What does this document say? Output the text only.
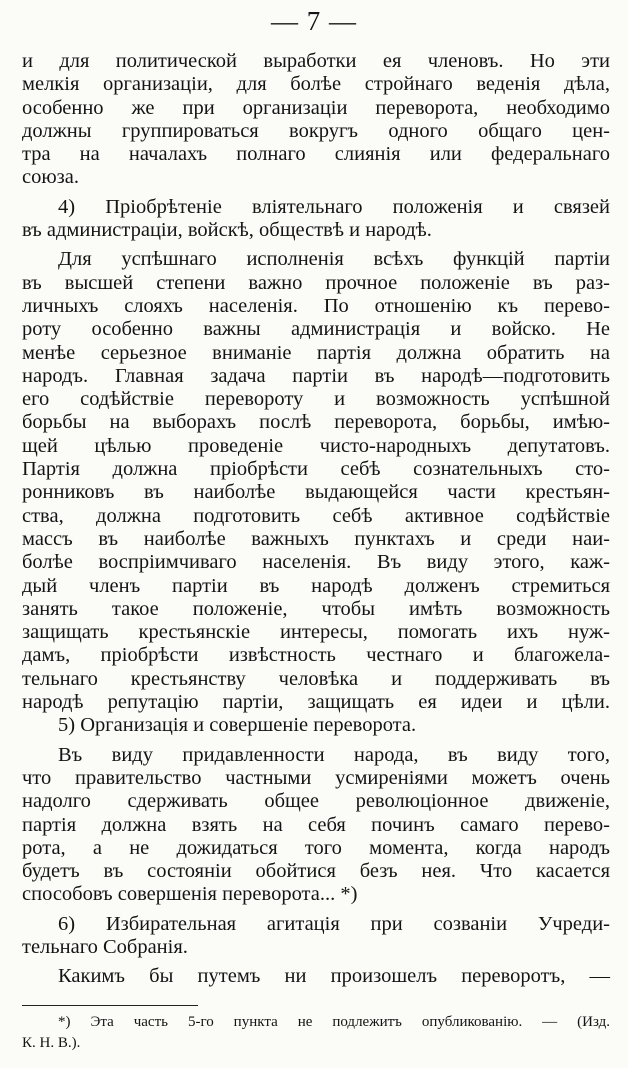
— 7 —

и для политической выработки ея членовъ. Но эти

мелкія организаціи, для болѣе стройнаго веденія дѣла,

особенно же при организаціи переворота, необходимо

должны группироваться вокругъ одного общаго цен-

тра на началахъ полнаго слиянія или федеральнаго

союза.

4) Пріобрѣтеніе вліятельнаго положенія и связей

въ администраціи, войскѣ, обществѣ и народѣ.

Для успѣшнаго исполненія всѣхъ функцій партіи

въ высшей степени важно прочное положеніе въ раз-

личныхъ слояхъ населенія. По отношенію къ перево-

роту особенно важны администрація и войско. Не

менѣе серьезное вниманіе партія должна обратить на

народъ. Главная задача партіи въ народѣ—подготовить

его содѣйствіе перевороту и возможность успѣшной

борьбы на выборахъ послѣ переворота, борьбы, имѣю-

щей цѣлью проведеніе чисто-народныхъ депутатовъ.

Партія должна пріобрѣсти себѣ сознательныхъ сто-

ронниковъ въ наиболѣе выдающейся части крестьян-

ства, должна подготовить себѣ активное содѣйствіе

массъ въ наиболѣе важныхъ пунктахъ и среди наи-

болѣе воспріимчиваго населенія. Въ виду этого, каж-

дый членъ партіи въ народѣ долженъ стремиться

занять такое положеніе, чтобы имѣть возможность

защищать крестьянскіе интересы, помогать ихъ нуж-

дамъ, пріобрѣсти извѣстность честнаго и благожела-

тельнаго крестьянству человѣка и поддерживать въ

народѣ репутацію партіи, защищать ея идеи и цѣли.

5) Организація и совершеніе переворота.

Въ виду придавленности народа, въ виду того,

что правительство частными усмиреніями можетъ очень

надолго сдерживать общее революціонное движеніе,

партія должна взять на себя починъ самаго перево-

рота, а не дожидаться того момента, когда народъ

будетъ въ состояніи обойтися безъ нея. Что касается

способовъ совершенія переворота... *)

6) Избирательная агитація при созваніи Учреди-

тельнаго Собранія.

Какимъ бы путемъ ни произошелъ переворотъ, —

*) Эта часть 5-го пункта не подлежитъ опубликованію. — (Изд.

К. Н. В.).
